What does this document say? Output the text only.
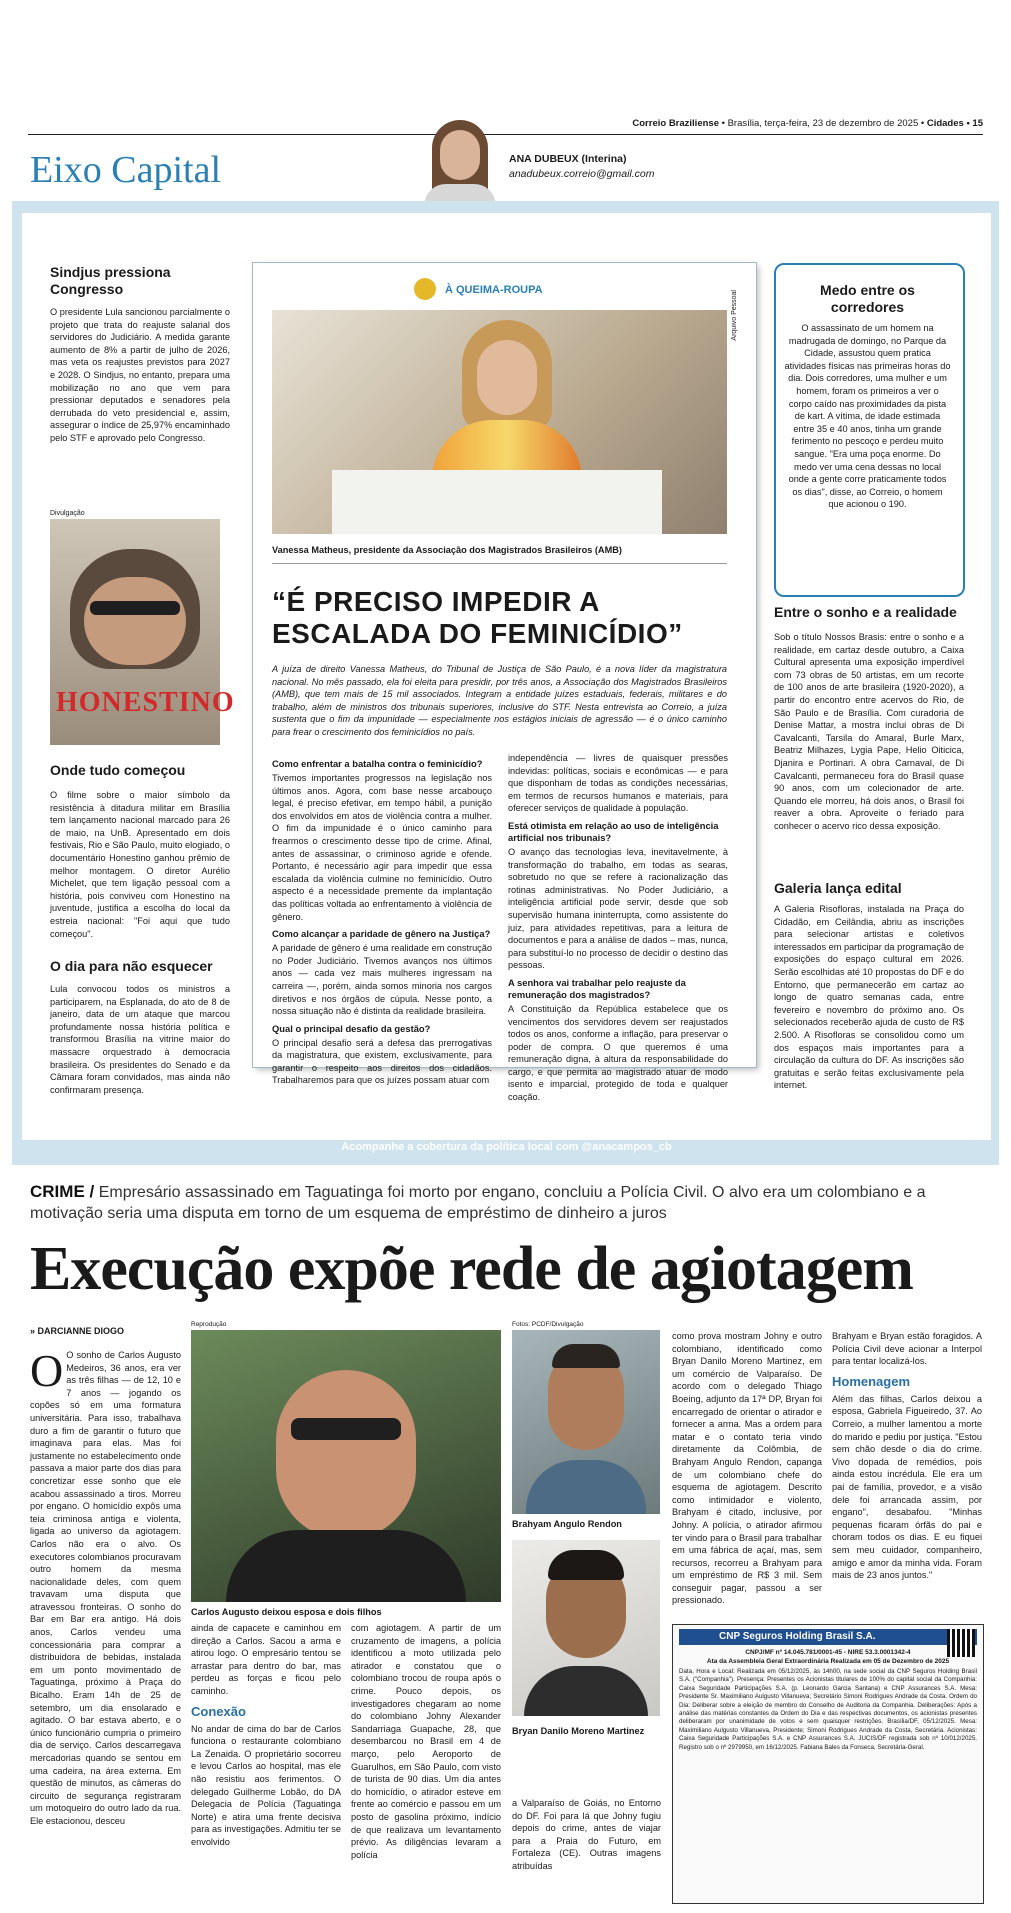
Correio Braziliense • Brasília, terça-feira, 23 de dezembro de 2025 • Cidades • 15
Eixo Capital	ANA DUBEUX (Interina)
anadubeux.correio@gmail.com
Sindjus pressiona Congresso

O presidente Lula sancionou parcialmente o projeto que trata do reajuste salarial dos servidores do Judiciário. A medida garante aumento de 8% a partir de julho de 2026, mas veta os reajustes previstos para 2027 e 2028. O Sindjus, no entanto, prepara uma mobilização no ano que vem para pressionar deputados e senadores pela derrubada do veto presidencial e, assim, assegurar o índice de 25,97% encaminhado pelo STF e aprovado pelo Congresso.

Divulgação
HONESTINO
Onde tudo começou

O filme sobre o maior símbolo da resistência à ditadura militar em Brasília tem lançamento nacional marcado para 26 de maio, na UnB. Apresentado em dois festivais, Rio e São Paulo, muito elogiado, o documentário Honestino ganhou prêmio de melhor montagem. O diretor Aurélio Michelet, que tem ligação pessoal com a história, pois conviveu com Honestino na juventude, justifica a escolha do local da estreia nacional: "Foi aqui que tudo começou".

O dia para não esquecer

Lula convocou todos os ministros a participarem, na Esplanada, do ato de 8 de janeiro, data de um ataque que marcou profundamente nossa história política e transformou Brasília na vitrine maior do massacre orquestrado à democracia brasileira. Os presidentes do Senado e da Câmara foram convidados, mas ainda não confirmaram presença.

À QUEIMA-ROUPA	Arquivo Pessoal
Vanessa Matheus, presidente da Associação dos Magistrados Brasileiros (AMB)
“É PRECISO IMPEDIR A
ESCALADA DO FEMINICÍDIO”

A juíza de direito Vanessa Matheus, do Tribunal de Justiça de São Paulo, é a nova líder da magistratura nacional. No mês passado, ela foi eleita para presidir, por três anos, a Associação dos Magistrados Brasileiros (AMB), que tem mais de 15 mil associados. Integram a entidade juízes estaduais, federais, militares e do trabalho, além de ministros dos tribunais superiores, inclusive do STF. Nesta entrevista ao Correio, a juíza sustenta que o fim da impunidade — especialmente nos estágios iniciais de agressão — é o único caminho para frear o crescimento dos feminicídios no país.

Como enfrentar a batalha contra o feminicídio?

Tivemos importantes progressos na legislação nos últimos anos. Agora, com base nesse arcabouço legal, é preciso efetivar, em tempo hábil, a punição dos envolvidos em atos de violência contra a mulher. O fim da impunidade é o único caminho para frearmos o crescimento desse tipo de crime. Afinal, antes de assassinar, o criminoso agride e ofende. Portanto, é necessário agir para impedir que essa escalada da violência culmine no feminicídio. Outro aspecto é a necessidade premente da implantação das políticas voltada ao enfrentamento à violência de gênero.

Como alcançar a paridade de gênero na Justiça?

A paridade de gênero é uma realidade em construção no Poder Judiciário. Tivemos avanços nos últimos anos — cada vez mais mulheres ingressam na carreira —, porém, ainda somos minoria nos cargos diretivos e nos órgãos de cúpula. Nesse ponto, a nossa situação não é distinta da realidade brasileira.

Qual o principal desafio da gestão?

O principal desafio será a defesa das prerrogativas da magistratura, que existem, exclusivamente, para garantir o respeito aos direitos dos cidadãos. Trabalharemos para que os juízes possam atuar com

independência — livres de quaisquer pressões indevidas: políticas, sociais e econômicas — e para que disponham de todas as condições necessárias, em termos de recursos humanos e materiais, para oferecer serviços de qualidade à população.

Está otimista em relação ao uso de inteligência artificial nos tribunais?

O avanço das tecnologias leva, inevitavelmente, à transformação do trabalho, em todas as searas, sobretudo no que se refere à racionalização das rotinas administrativas. No Poder Judiciário, a inteligência artificial pode servir, desde que sob supervisão humana ininterrupta, como assistente do juiz, para atividades repetitivas, para a leitura de documentos e para a análise de dados – mas, nunca, para substituí-lo no processo de decidir o destino das pessoas.

A senhora vai trabalhar pelo reajuste da remuneração dos magistrados?

A Constituição da República estabelece que os vencimentos dos servidores devem ser reajustados todos os anos, conforme a inflação, para preservar o poder de compra. O que queremos é uma remuneração digna, à altura da responsabilidade do cargo, e que permita ao magistrado atuar de modo isento e imparcial, protegido de toda e qualquer coação.

Medo entre os corredores

O assassinato de um homem na madrugada de domingo, no Parque da Cidade, assustou quem pratica atividades físicas nas primeiras horas do dia. Dois corredores, uma mulher e um homem, foram os primeiros a ver o corpo caído nas proximidades da pista de kart. A vítima, de idade estimada entre 35 e 40 anos, tinha um grande ferimento no pescoço e perdeu muito sangue. "Era uma poça enorme. Do medo ver uma cena dessas no local onde a gente corre praticamente todos os dias", disse, ao Correio, o homem que acionou o 190.

Entre o sonho e a realidade

Sob o título Nossos Brasis: entre o sonho e a realidade, em cartaz desde outubro, a Caixa Cultural apresenta uma exposição imperdível com 73 obras de 50 artistas, em um recorte de 100 anos de arte brasileira (1920-2020), a partir do encontro entre acervos do Rio, de São Paulo e de Brasília. Com curadoria de Denise Mattar, a mostra inclui obras de Di Cavalcanti, Tarsila do Amaral, Burle Marx, Beatriz Milhazes, Lygia Pape, Helio Oiticica, Djanira e Portinari. A obra Carnaval, de Di Cavalcanti, permaneceu fora do Brasil quase 90 anos, com um colecionador de arte. Quando ele morreu, há dois anos, o Brasil foi reaver a obra. Aproveite o feriado para conhecer o acervo rico dessa exposição.

Galeria lança edital

A Galeria Risofloras, instalada na Praça do Cidadão, em Ceilândia, abriu as inscrições para selecionar artistas e coletivos interessados em participar da programação de exposições do espaço cultural em 2026. Serão escolhidas até 10 propostas do DF e do Entorno, que permanecerão em cartaz ao longo de quatro semanas cada, entre fevereiro e novembro do próximo ano. Os selecionados receberão ajuda de custo de R$ 2.500. A Risofloras se consolidou como um dos espaços mais importantes para a circulação da cultura do DF. As inscrições são gratuitas e serão feitas exclusivamente pela internet.

Acompanhe a cobertura da política local com @anacampos_cb
CRIME / Empresário assassinado em Taguatinga foi morto por engano, concluiu a Polícia Civil. O alvo era um colombiano e a motivação seria uma disputa em torno de um esquema de empréstimo de dinheiro a juros
Execução expõe rede de agiotagem
» DARCIANNE DIOGO
Reprodução
Carlos Augusto deixou esposa e dois filhos
Fotos: PCDF/Divulgação
Brahyam Angulo Rendon
Bryan Danilo Moreno Martinez
O O sonho de Carlos Augusto Medeiros, 36 anos, era ver as três filhas — de 12, 10 e 7 anos — jogando os copões só em uma formatura universitária. Para isso, trabalhava duro a fim de garantir o futuro que imaginava para elas. Mas foi justamente no estabelecimento onde passava a maior parte dos dias para concretizar esse sonho que ele acabou assassinado a tiros. Morreu por engano. O homicídio expôs uma teia criminosa antiga e violenta, ligada ao universo da agiotagem. Carlos não era o alvo. Os executores colombianos procuravam outro homem da mesma nacionalidade deles, com quem travavam uma disputa que atravessou fronteiras. O sonho do Bar em Bar era antigo. Há dois anos, Carlos vendeu uma concessionária para comprar a distribuidora de bebidas, instalada em um ponto movimentado de Taguatinga, próximo à Praça do Bicalho. Eram 14h de 25 de setembro, um dia ensolarado e agitado. O bar estava aberto, e o único funcionário cumpria o primeiro dia de serviço. Carlos descarregava mercadorias quando se sentou em uma cadeira, na área externa. Em questão de minutos, as câmeras do circuito de segurança registraram um motoqueiro do outro lado da rua. Ele estacionou, desceu

ainda de capacete e caminhou em direção a Carlos. Sacou a arma e atirou logo. O empresário tentou se arrastar para dentro do bar, mas perdeu as forças e ficou pelo caminho.

Conexão

No andar de cima do bar de Carlos funciona o restaurante colombiano La Zenaida. O proprietário socorreu e levou Carlos ao hospital, mas ele não resistiu aos ferimentos. O delegado Guilherme Lobão, do DA Delegacia de Polícia (Taguatinga Norte) e atira uma frente decisiva para as investigações. Admitiu ter se envolvido

com agiotagem. A partir de um cruzamento de imagens, a polícia identificou a moto utilizada pelo atirador e constatou que o colombiano trocou de roupa após o crime. Pouco depois, os investigadores chegaram ao nome do colombiano Johny Alexander Sandarriaga Guapache, 28, que desembarcou no Brasil em 4 de março, pelo Aeroporto de Guarulhos, em São Paulo, com visto de turista de 90 dias. Um dia antes do homicídio, o atirador esteve em frente ao comércio e passou em um posto de gasolina próximo, indício de que realizava um levantamento prévio. As diligências levaram a polícia

a Valparaíso de Goiás, no Entorno do DF. Foi para lá que Johny fugiu depois do crime, antes de viajar para a Praia do Futuro, em Fortaleza (CE). Outras imagens atribuídas

como prova mostram Johny e outro colombiano, identificado como Bryan Danilo Moreno Martinez, em um comércio de Valparaíso. De acordo com o delegado Thiago Boeing, adjunto da 17ª DP, Bryan foi encarregado de orientar o atirador e fornecer a arma. Mas a ordem para matar e o contato teria vindo diretamente da Colômbia, de Brahyam Angulo Rendon, capanga de um colombiano chefe do esquema de agiotagem. Descrito como intimidador e violento, Brahyam é citado, inclusive, por Johny. A polícia, o atirador afirmou ter vindo para o Brasil para trabalhar em uma fábrica de açaí, mas, sem recursos, recorreu a Brahyam para um empréstimo de R$ 3 mil. Sem conseguir pagar, passou a ser pressionado.

Brahyam e Bryan estão foragidos. A Polícia Civil deve acionar a Interpol para tentar localizá-los.

Homenagem

Além das filhas, Carlos deixou a esposa, Gabriela Figueiredo, 37. Ao Correio, a mulher lamentou a morte do marido e pediu por justiça. "Estou sem chão desde o dia do crime. Vivo dopada de remédios, pois ainda estou incrédula. Ele era um pai de família, provedor, e a visão dele foi arrancada assim, por engano", desabafou. "Minhas pequenas ficaram órfãs do pai e choram todos os dias. E eu fiquei sem meu cuidador, companheiro, amigo e amor da minha vida. Foram mais de 23 anos juntos."

CNP Seguros Holding Brasil S.A.
CNPJ/MF nº 14.045.781/0001-45 - NIRE 53.3.0001342-4
Ata da Assembleia Geral Extraordinária Realizada em 05 de Dezembro de 2025

Data, Hora e Local: Realizada em 05/12/2025, às 14h00, na sede social da CNP Seguros Holding Brasil S.A. ("Companhia"). Presença: Presentes os Acionistas titulares de 100% do capital social da Companhia: Caixa Seguridade Participações S.A. (p. Leonardo Garcia Santana) e CNP Assurances S.A. Mesa: Presidente Sr. Maximiliano Aulgusto Villanueva; Secretário Simoni Rodrigues Andrade da Costa. Ordem do Dia: Deliberar sobre a eleição de membro do Conselho de Auditoria da Companhia. Deliberações: Após a análise das matérias constantes da Ordem do Dia e das respectivas documentos, os acionistas presentes deliberaram por unanimidade de votos e sem quaisquer restrições. Brasília/DF, 05/12/2025. Mesa: Maximiliano Aulgusto Villanueva, Presidente; Simoni Rodrigues Andrade da Costa, Secretária. Acionistas: Caixa Seguridade Participações S.A. e CNP Assurances S.A. JUCIS/DF registrada sob nº 10/012/2025. Registro sob o nº 2979950, em 16/12/2025. Fabiana Bales da Fonseca, Secretária-Geral.
